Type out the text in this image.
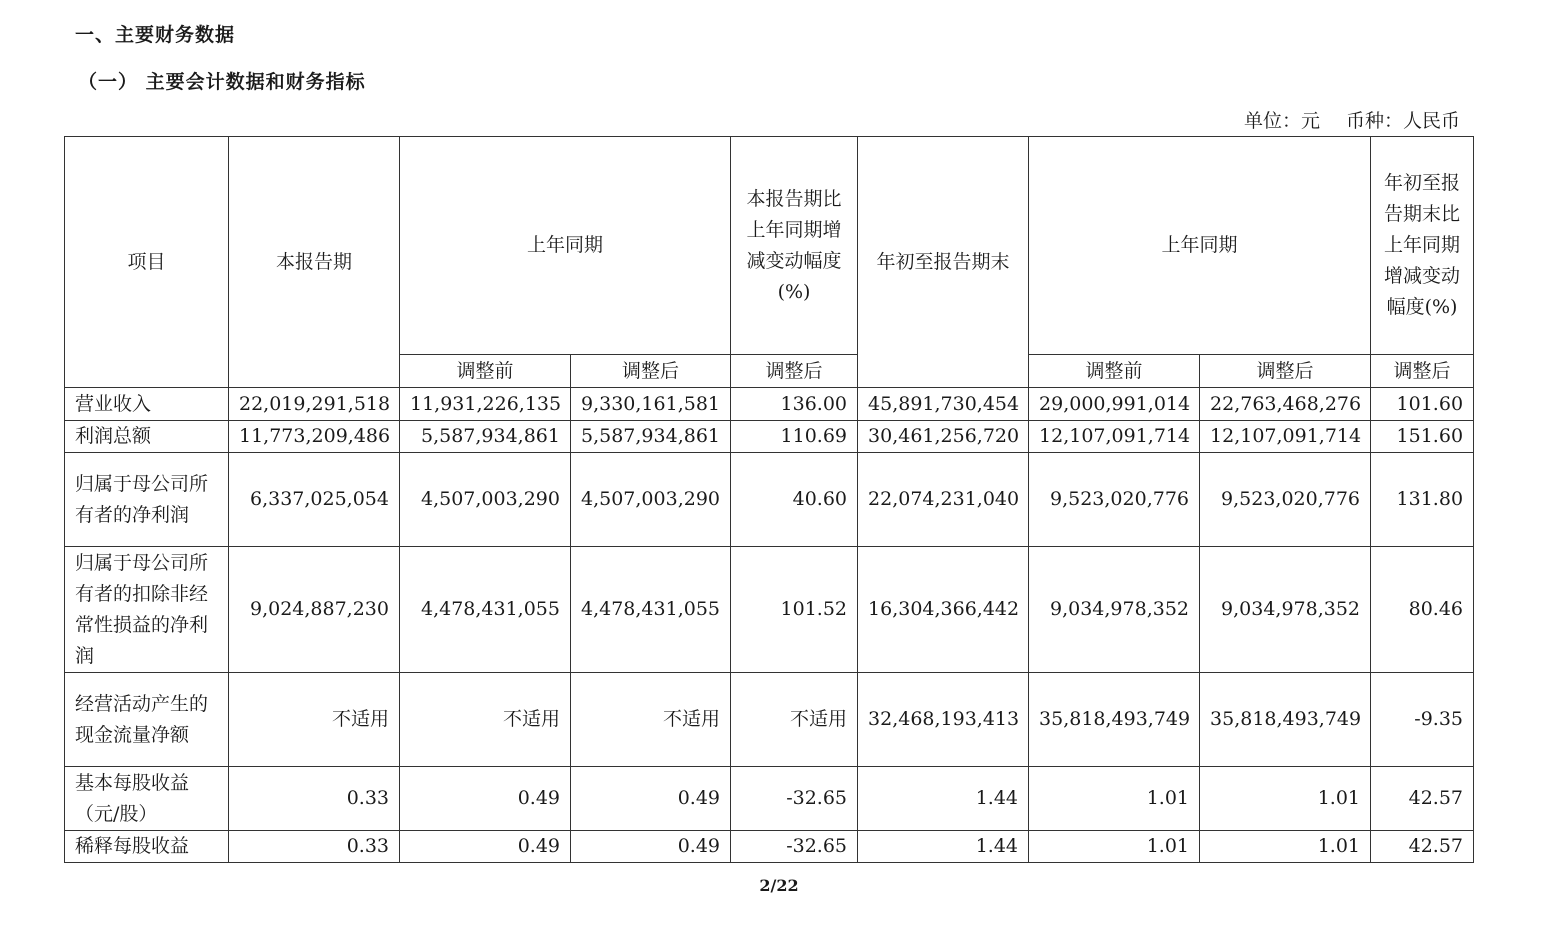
一、主要财务数据
（一） 主要会计数据和财务指标
单位：元 币种：人民币
项目	本报告期	上年同期		本报告期比上年同期增减变动幅度(%)	年初至报告期末	上年同期		年初至报告期末比上年同期增减变动幅度(%)
		调整前	调整后	调整后		调整前	调整后	调整后
营业收入	22,019,291,518	11,931,226,135	9,330,161,581	136.00	45,891,730,454	29,000,991,014	22,763,468,276	101.60
利润总额	11,773,209,486	5,587,934,861	5,587,934,861	110.69	30,461,256,720	12,107,091,714	12,107,091,714	151.60
归属于母公司所有者的净利润	6,337,025,054	4,507,003,290	4,507,003,290	40.60	22,074,231,040	9,523,020,776	9,523,020,776	131.80
归属于母公司所有者的扣除非经常性损益的净利润	9,024,887,230	4,478,431,055	4,478,431,055	101.52	16,304,366,442	9,034,978,352	9,034,978,352	80.46
经营活动产生的现金流量净额	不适用	不适用	不适用	不适用	32,468,193,413	35,818,493,749	35,818,493,749	-9.35
基本每股收益（元/股）	0.33	0.49	0.49	-32.65	1.44	1.01	1.01	42.57
稀释每股收益	0.33	0.49	0.49	-32.65	1.44	1.01	1.01	42.57
2/22
